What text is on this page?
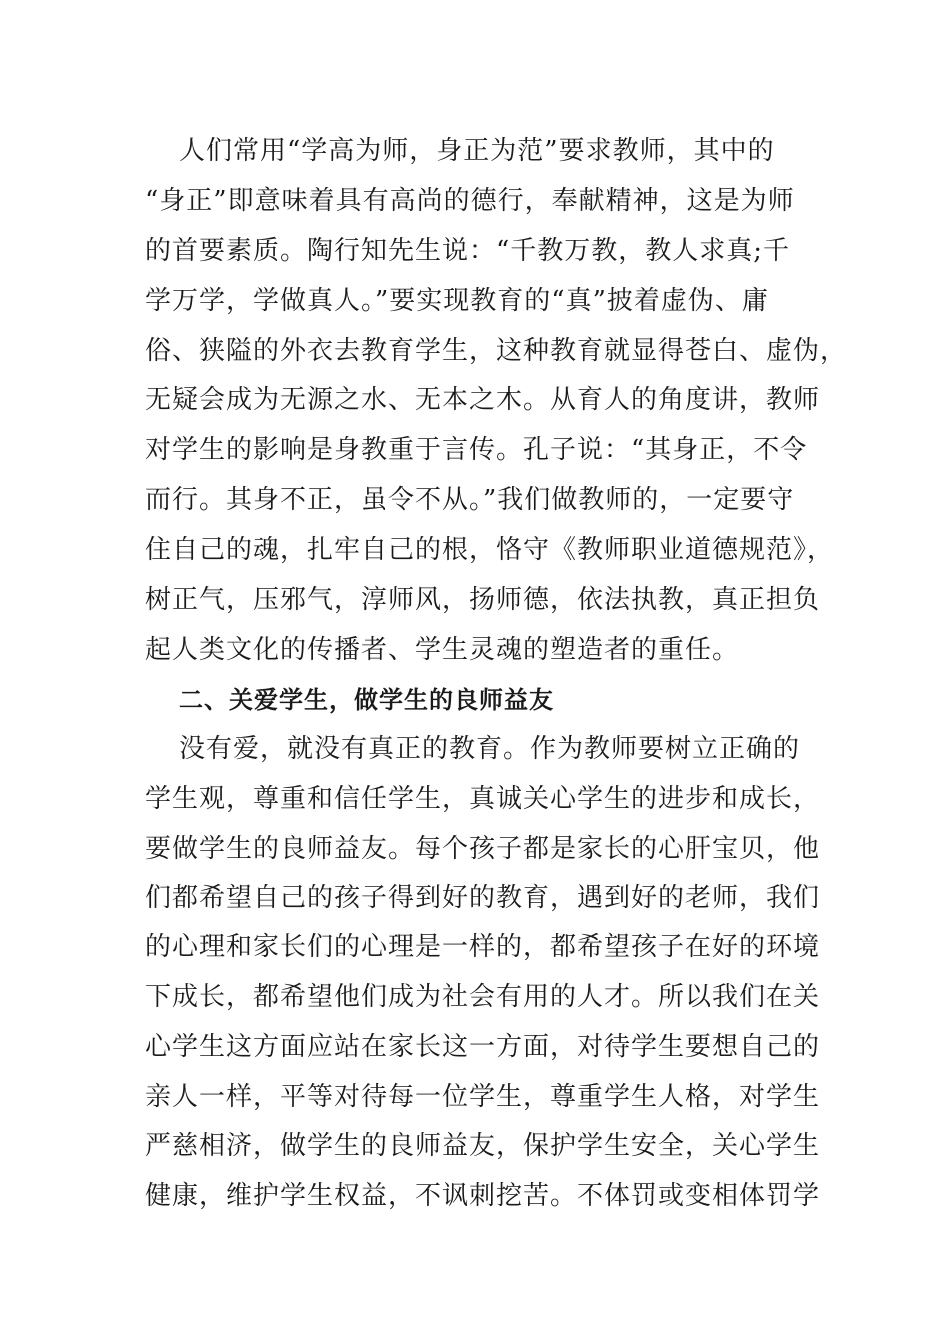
人们常用“学高为师，身正为范”要求教师，其中的
“身正”即意味着具有高尚的德行，奉献精神，这是为师
的首要素质。陶行知先生说：“千教万教，教人求真;千
学万学，学做真人。”要实现教育的“真”披着虚伪、庸
俗、狭隘的外衣去教育学生，这种教育就显得苍白、虚伪，
无疑会成为无源之水、无本之木。从育人的角度讲，教师
对学生的影响是身教重于言传。孔子说：“其身正，不令
而行。其身不正，虽令不从。”我们做教师的，一定要守
住自己的魂，扎牢自己的根，恪守《教师职业道德规范》，
树正气，压邪气，淳师风，扬师德，依法执教，真正担负
起人类文化的传播者、学生灵魂的塑造者的重任。
二、关爱学生，做学生的良师益友
没有爱，就没有真正的教育。作为教师要树立正确的
学生观，尊重和信任学生，真诚关心学生的进步和成长，
要做学生的良师益友。每个孩子都是家长的心肝宝贝，他
们都希望自己的孩子得到好的教育，遇到好的老师，我们
的心理和家长们的心理是一样的，都希望孩子在好的环境
下成长，都希望他们成为社会有用的人才。所以我们在关
心学生这方面应站在家长这一方面，对待学生要想自己的
亲人一样，平等对待每一位学生，尊重学生人格，对学生
严慈相济，做学生的良师益友，保护学生安全，关心学生
健康，维护学生权益，不讽刺挖苦。不体罚或变相体罚学
